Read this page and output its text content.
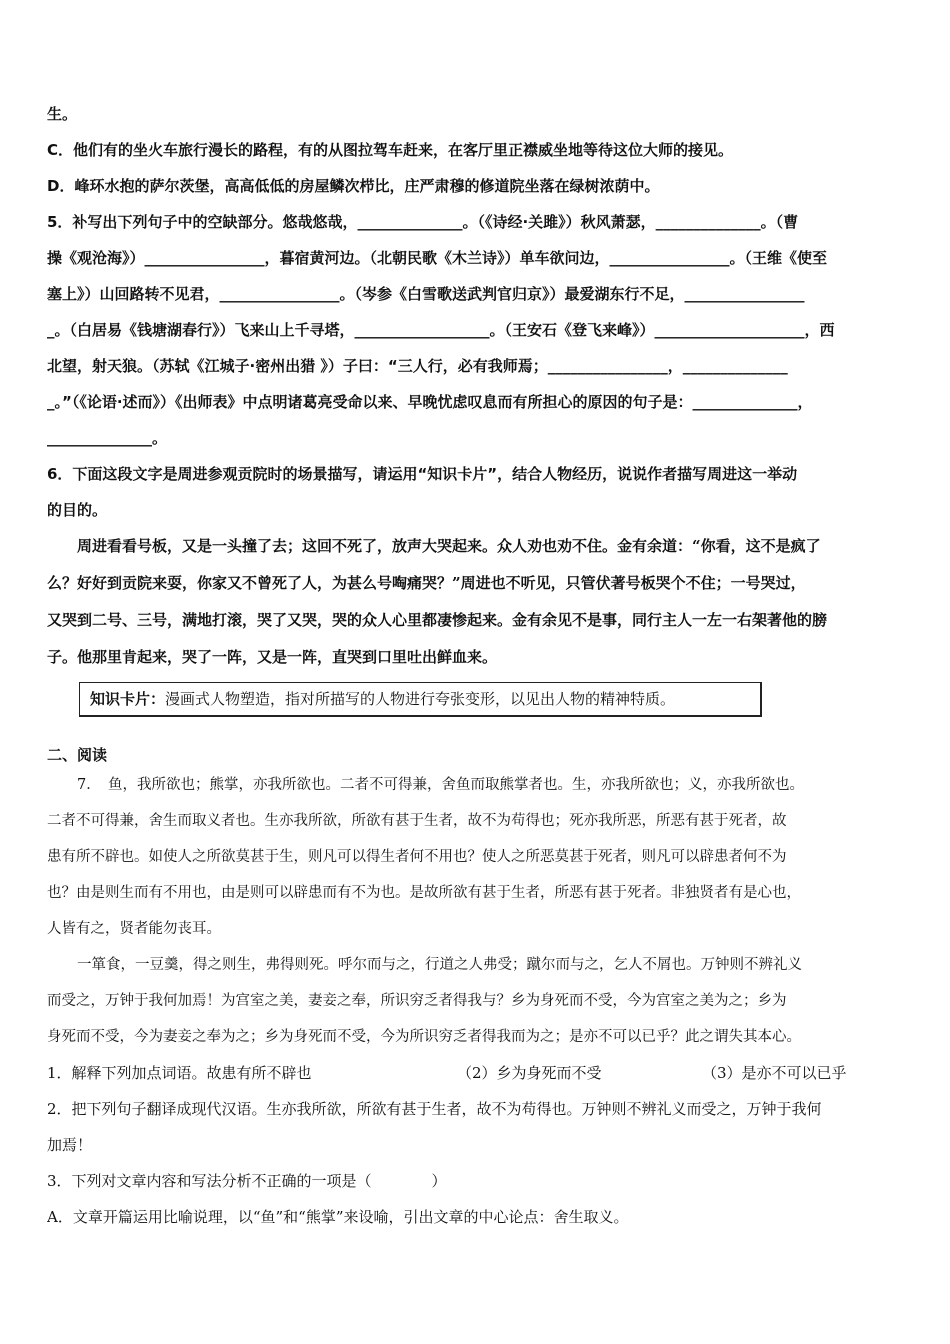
生。
C．他们有的坐火车旅行漫长的路程，有的从图拉驾车赶来，在客厅里正襟威坐地等待这位大师的接见。
D．峰环水抱的萨尔茨堡，高高低低的房屋鳞次栉比，庄严肃穆的修道院坐落在绿树浓荫中。
5．补写出下列句子中的空缺部分。悠哉悠哉，______________。（《诗经·关雎》）秋风萧瑟，______________。（曹
操《观沧海》）________________，暮宿黄河边。（北朝民歌《木兰诗》）单车欲问边，________________。（王维《使至
塞上》）山回路转不见君，________________。（岑参《白雪歌送武判官归京》）最爱湖东行不足，________________
_。（白居易《钱塘湖春行》）飞来山上千寻塔，__________________。（王安石《登飞来峰》）____________________，西
北望，射天狼。（苏轼《江城子·密州出猎 》）子曰：“三人行，必有我师焉；________________，______________
_。”（《论语·述而》）《出师表》中点明诸葛亮受命以来、早晚忧虑叹息而有所担心的原因的句子是：______________，
______________。
6．下面这段文字是周进参观贡院时的场景描写，请运用“知识卡片”，结合人物经历，说说作者描写周进这一举动
的目的。
周进看看号板，又是一头撞了去；这回不死了，放声大哭起来。众人劝也劝不住。金有余道：“你看，这不是疯了
么？好好到贡院来耍，你家又不曾死了人，为甚么号啕痛哭？”周进也不听见，只管伏著号板哭个不住；一号哭过，
又哭到二号、三号，满地打滚，哭了又哭，哭的众人心里都凄惨起来。金有余见不是事，同行主人一左一右架著他的膀
子。他那里肯起来，哭了一阵，又是一阵，直哭到口里吐出鲜血来。
知识卡片：漫画式人物塑造，指对所描写的人物进行夸张变形，以见出人物的精神特质。
二、阅读
7．　鱼，我所欲也；熊掌，亦我所欲也。二者不可得兼，舍鱼而取熊掌者也。生，亦我所欲也；义，亦我所欲也。
二者不可得兼，舍生而取义者也。生亦我所欲，所欲有甚于生者，故不为苟得也；死亦我所恶，所恶有甚于死者，故
患有所不辟也。如使人之所欲莫甚于生，则凡可以得生者何不用也？使人之所恶莫甚于死者，则凡可以辟患者何不为
也？由是则生而有不用也，由是则可以辟患而有不为也。是故所欲有甚于生者，所恶有甚于死者。非独贤者有是心也，
人皆有之，贤者能勿丧耳。
一箪食，一豆羹，得之则生，弗得则死。呼尔而与之，行道之人弗受；蹴尔而与之，乞人不屑也。万钟则不辨礼义
而受之，万钟于我何加焉！为宫室之美，妻妾之奉，所识穷乏者得我与？乡为身死而不受，今为宫室之美为之；乡为
身死而不受，今为妻妾之奉为之；乡为身死而不受，今为所识穷乏者得我而为之；是亦不可以已乎？此之谓失其本心。
1．解释下列加点词语。故患有所不辟也	（2）乡为身死而不受	（3）是亦不可以已乎
2．把下列句子翻译成现代汉语。生亦我所欲，所欲有甚于生者，故不为苟得也。万钟则不辨礼义而受之，万钟于我何
加焉！
3．下列对文章内容和写法分析不正确的一项是（　　　　）
A．文章开篇运用比喻说理，以“鱼”和“熊掌”来设喻，引出文章的中心论点：舍生取义。
